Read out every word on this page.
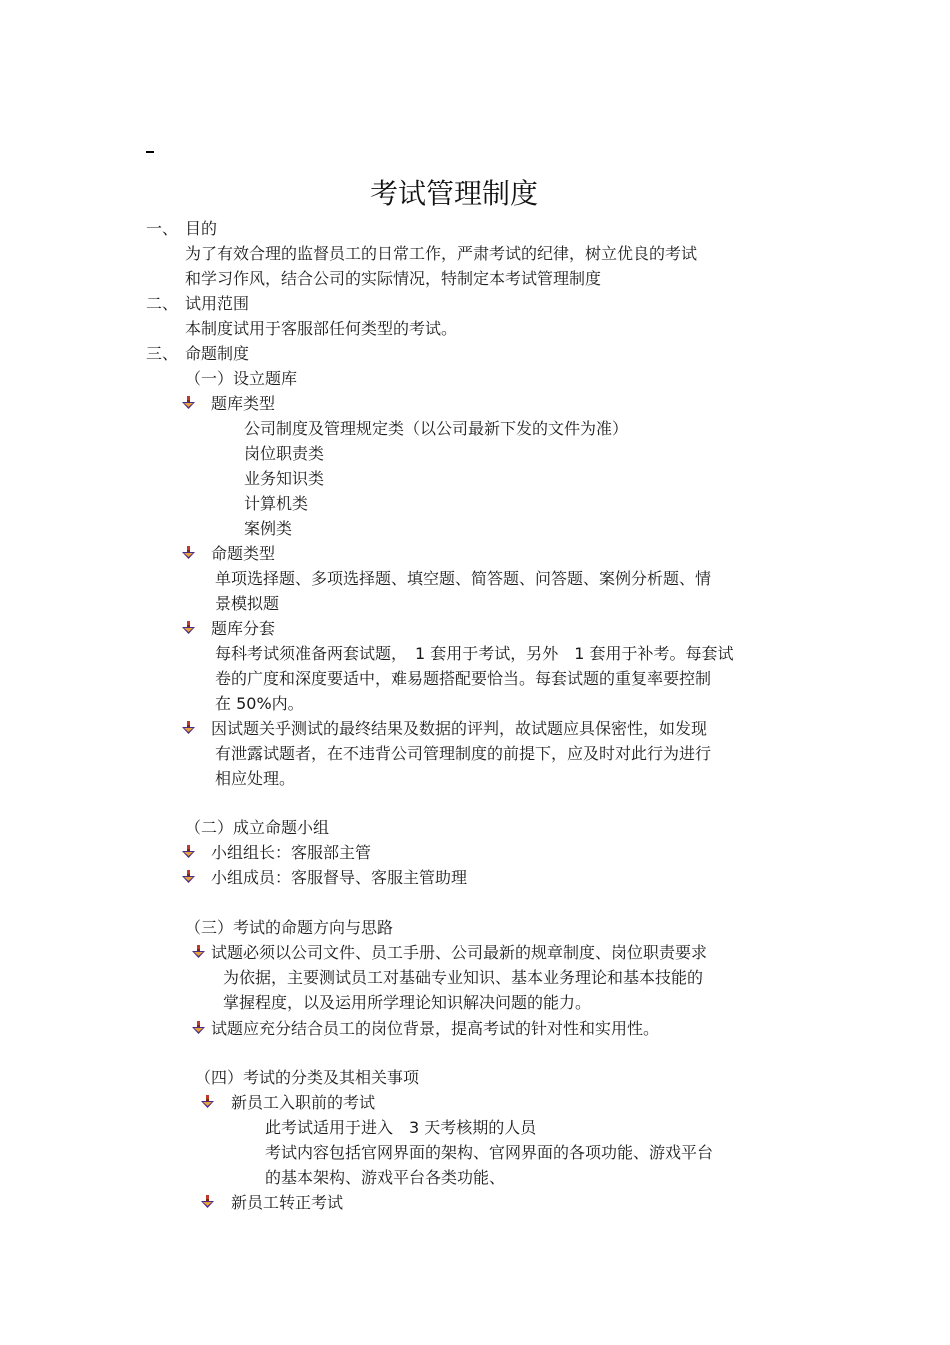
考试管理制度
一、 目的
为了有效合理的监督员工的日常工作，严肃考试的纪律，树立优良的考试
和学习作风，结合公司的实际情况，特制定本考试管理制度
二、 试用范围
本制度试用于客服部任何类型的考试。
三、 命题制度
（一）设立题库
题库类型
公司制度及管理规定类（以公司最新下发的文件为准）
岗位职责类
业务知识类
计算机类
案例类
命题类型
单项选择题、多项选择题、填空题、简答题、问答题、案例分析题、情
景模拟题
题库分套
每科考试须准备两套试题，　1 套用于考试，另外　1 套用于补考。每套试
卷的广度和深度要适中，难易题搭配要恰当。每套试题的重复率要控制
在 50%内。
因试题关乎测试的最终结果及数据的评判，故试题应具保密性，如发现
有泄露试题者，在不违背公司管理制度的前提下，应及时对此行为进行
相应处理。
（二）成立命题小组
小组组长：客服部主管
小组成员：客服督导、客服主管助理
（三）考试的命题方向与思路
试题必须以公司文件、员工手册、公司最新的规章制度、岗位职责要求
为依据，主要测试员工对基础专业知识、基本业务理论和基本技能的
掌握程度，以及运用所学理论知识解决问题的能力。
试题应充分结合员工的岗位背景，提高考试的针对性和实用性。
（四）考试的分类及其相关事项
新员工入职前的考试
此考试适用于进入　3 天考核期的人员
考试内容包括官网界面的架构、官网界面的各项功能、游戏平台
的基本架构、游戏平台各类功能、
新员工转正考试
